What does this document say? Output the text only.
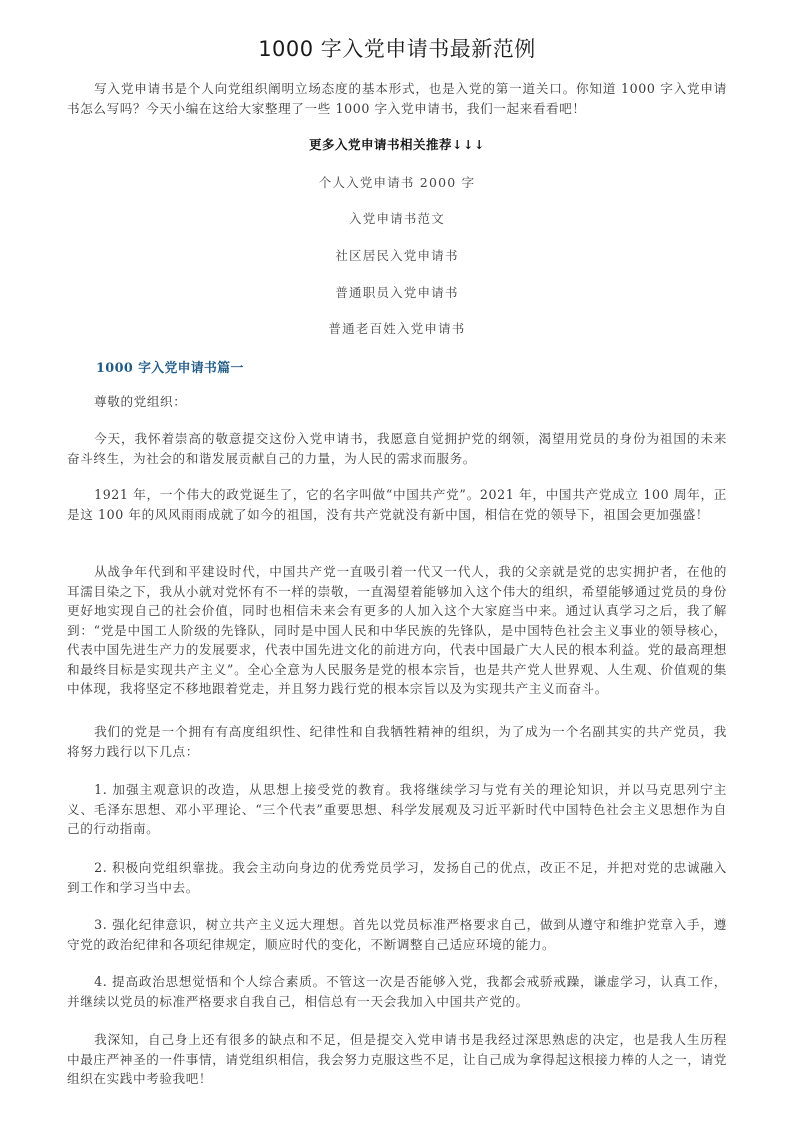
1000 字入党申请书最新范例

写入党申请书是个人向党组织阐明立场态度的基本形式，也是入党的第一道关口。你知道 1000 字入党申请书怎么写吗？今天小编在这给大家整理了一些 1000 字入党申请书，我们一起来看看吧！

更多入党申请书相关推荐↓↓↓
个人入党申请书 2000 字
入党申请书范文
社区居民入党申请书
普通职员入党申请书
普通老百姓入党申请书
1000 字入党申请书篇一

尊敬的党组织：

今天，我怀着崇高的敬意提交这份入党申请书，我愿意自觉拥护党的纲领，渴望用党员的身份为祖国的未来奋斗终生，为社会的和谐发展贡献自己的力量，为人民的需求而服务。

1921 年，一个伟大的政党诞生了，它的名字叫做“中国共产党”。2021 年，中国共产党成立 100 周年，正是这 100 年的风风雨雨成就了如今的祖国，没有共产党就没有新中国，相信在党的领导下，祖国会更加强盛！

从战争年代到和平建设时代，中国共产党一直吸引着一代又一代人，我的父亲就是党的忠实拥护者，在他的耳濡目染之下，我从小就对党怀有不一样的崇敬，一直渴望着能够加入这个伟大的组织，希望能够通过党员的身份更好地实现自己的社会价值，同时也相信未来会有更多的人加入这个大家庭当中来。通过认真学习之后，我了解到：“党是中国工人阶级的先锋队，同时是中国人民和中华民族的先锋队，是中国特色社会主义事业的领导核心，代表中国先进生产力的发展要求，代表中国先进文化的前进方向，代表中国最广大人民的根本利益。党的最高理想和最终目标是实现共产主义”。全心全意为人民服务是党的根本宗旨，也是共产党人世界观、人生观、价值观的集中体现，我将坚定不移地跟着党走，并且努力践行党的根本宗旨以及为实现共产主义而奋斗。

我们的党是一个拥有有高度组织性、纪律性和自我牺牲精神的组织，为了成为一个名副其实的共产党员，我将努力践行以下几点：

1. 加强主观意识的改造，从思想上接受党的教育。我将继续学习与党有关的理论知识，并以马克思列宁主义、毛泽东思想、邓小平理论、“三个代表”重要思想、科学发展观及习近平新时代中国特色社会主义思想作为自己的行动指南。

2. 积极向党组织靠拢。我会主动向身边的优秀党员学习，发扬自己的优点，改正不足，并把对党的忠诚融入到工作和学习当中去。

3. 强化纪律意识，树立共产主义远大理想。首先以党员标准严格要求自己，做到从遵守和维护党章入手，遵守党的政治纪律和各项纪律规定，顺应时代的变化，不断调整自己适应环境的能力。

4. 提高政治思想觉悟和个人综合素质。不管这一次是否能够入党，我都会戒骄戒躁，谦虚学习，认真工作，并继续以党员的标准严格要求自我自己，相信总有一天会我加入中国共产党的。

我深知，自己身上还有很多的缺点和不足，但是提交入党申请书是我经过深思熟虑的决定，也是我人生历程中最庄严神圣的一件事情，请党组织相信，我会努力克服这些不足，让自己成为拿得起这根接力棒的人之一，请党组织在实践中考验我吧！
